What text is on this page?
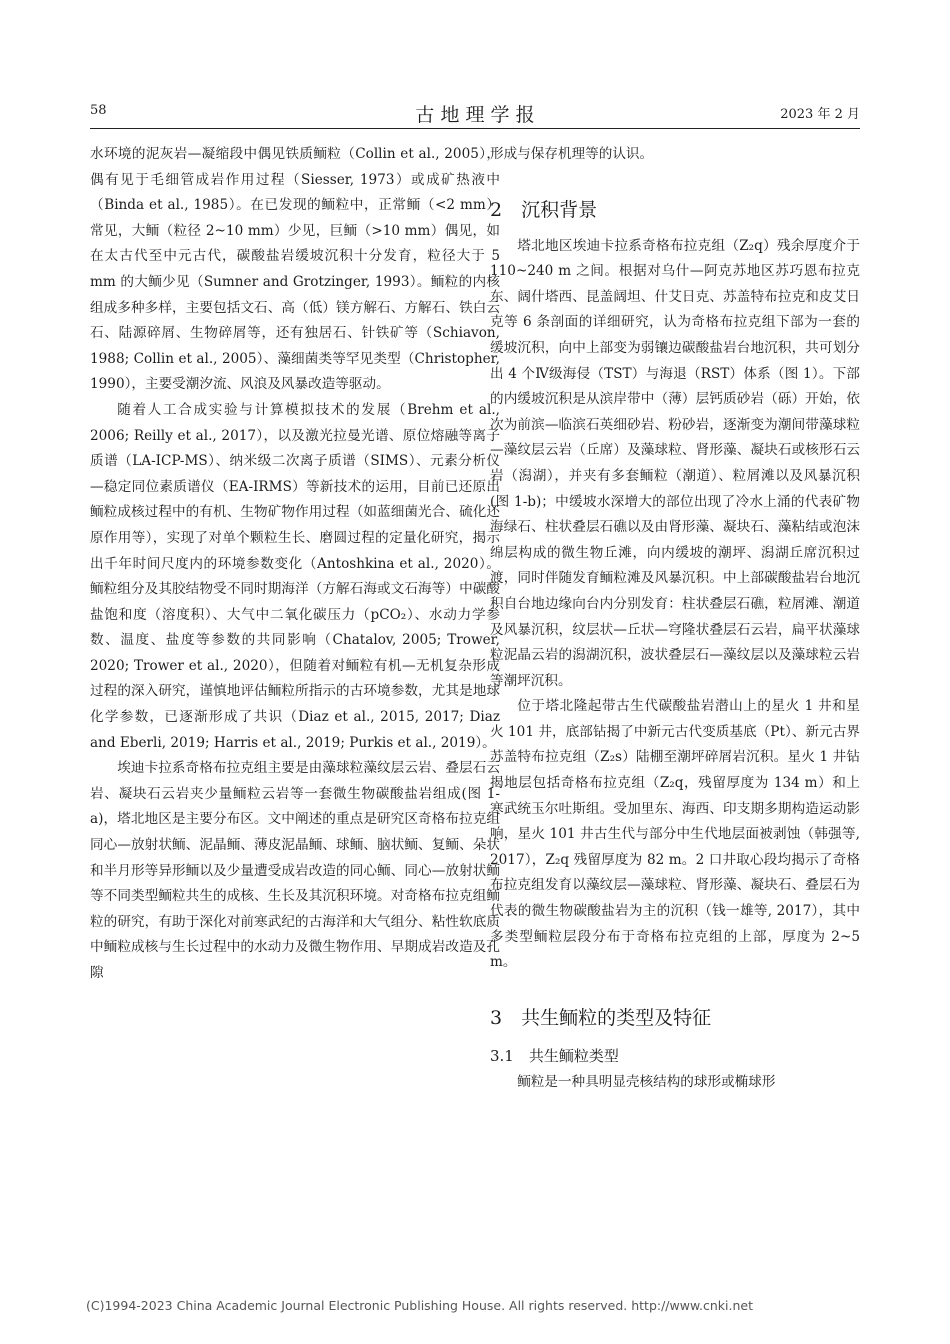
58	古 地 理 学 报	2023 年 2 月

水环境的泥灰岩—凝缩段中偶见铁质鲕粒（Collin et al., 2005），偶有见于毛细管成岩作用过程（Siesser, 1973）或成矿热液中（Binda et al., 1985）。在已发现的鲕粒中，正常鲕（<2 mm）常见，大鲕（粒径 2~10 mm）少见，巨鲕（>10 mm）偶见，如在太古代至中元古代，碳酸盐岩缓坡沉积十分发育，粒径大于 5 mm 的大鲕少见（Sumner and Grotzinger, 1993）。鲕粒的内核组成多种多样，主要包括文石、高（低）镁方解石、方解石、铁白云石、陆源碎屑、生物碎屑等，还有独居石、针铁矿等（Schiavon, 1988; Collin et al., 2005）、藻细菌类等罕见类型（Christopher, 1990），主要受潮汐流、风浪及风暴改造等驱动。

随着人工合成实验与计算模拟技术的发展（Brehm et al., 2006; Reilly et al., 2017），以及激光拉曼光谱、原位熔融等离子质谱（LA-ICP-MS）、纳米级二次离子质谱（SIMS）、元素分析仪—稳定同位素质谱仪（EA-IRMS）等新技术的运用，目前已还原出鲕粒成核过程中的有机、生物矿物作用过程（如蓝细菌光合、硫化还原作用等），实现了对单个颗粒生长、磨圆过程的定量化研究，揭示出千年时间尺度内的环境参数变化（Antoshkina et al., 2020）。鲕粒组分及其胶结物受不同时期海洋（方解石海或文石海等）中碳酸盐饱和度（溶度积）、大气中二氧化碳压力（pCO₂）、水动力学参数、温度、盐度等参数的共同影响（Chatalov, 2005; Trower, 2020; Trower et al., 2020），但随着对鲕粒有机—无机复杂形成过程的深入研究，谨慎地评估鲕粒所指示的古环境参数，尤其是地球化学参数，已逐渐形成了共识（Diaz et al., 2015, 2017; Diaz and Eberli, 2019; Harris et al., 2019; Purkis et al., 2019）。

埃迪卡拉系奇格布拉克组主要是由藻球粒藻纹层云岩、叠层石云岩、凝块石云岩夹少量鲕粒云岩等一套微生物碳酸盐岩组成(图 1-a)，塔北地区是主要分布区。文中阐述的重点是研究区奇格布拉克组同心—放射状鲕、泥晶鲕、薄皮泥晶鲕、球鲕、脑状鲕、复鲕、朵状和半月形等异形鲕以及少量遭受成岩改造的同心鲕、同心—放射状鲕等不同类型鲕粒共生的成核、生长及其沉积环境。对奇格布拉克组鲕粒的研究，有助于深化对前寒武纪的古海洋和大气组分、粘性软底质中鲕粒成核与生长过程中的水动力及微生物作用、早期成岩改造及孔隙

形成与保存机理等的认识。

2　沉积背景

塔北地区埃迪卡拉系奇格布拉克组（Z₂q）残余厚度介于 110~240 m 之间。根据对乌什—阿克苏地区苏巧恩布拉克东、阔什塔西、昆盖阔坦、什艾日克、苏盖特布拉克和皮艾日克等 6 条剖面的详细研究，认为奇格布拉克组下部为一套的缓坡沉积，向中上部变为弱镶边碳酸盐岩台地沉积，共可划分出 4 个Ⅳ级海侵（TST）与海退（RST）体系（图 1）。下部的内缓坡沉积是从滨岸带中（薄）层钙质砂岩（砾）开始，依次为前滨—临滨石英细砂岩、粉砂岩，逐渐变为潮间带藻球粒—藻纹层云岩（丘席）及藻球粒、肾形藻、凝块石或核形石云岩（潟湖），并夹有多套鲕粒（潮道）、粒屑滩以及风暴沉积(图 1-b)；中缓坡水深增大的部位出现了冷水上涌的代表矿物海绿石、柱状叠层石礁以及由肾形藻、凝块石、藻粘结或泡沫绵层构成的微生物丘滩，向内缓坡的潮坪、潟湖丘席沉积过渡，同时伴随发育鲕粒滩及风暴沉积。中上部碳酸盐岩台地沉积自台地边缘向台内分别发育：柱状叠层石礁，粒屑滩、潮道及风暴沉积，纹层状—丘状—穹隆状叠层石云岩，扁平状藻球粒泥晶云岩的潟湖沉积，波状叠层石—藻纹层以及藻球粒云岩等潮坪沉积。

位于塔北隆起带古生代碳酸盐岩潜山上的星火 1 井和星火 101 井，底部钻揭了中新元古代变质基底（Pt）、新元古界苏盖特布拉克组（Z₂s）陆棚至潮坪碎屑岩沉积。星火 1 井钻揭地层包括奇格布拉克组（Z₂q，残留厚度为 134 m）和上寒武统玉尔吐斯组。受加里东、海西、印支期多期构造运动影响，星火 101 井古生代与部分中生代地层面被剥蚀（韩强等, 2017），Z₂q 残留厚度为 82 m。2 口井取心段均揭示了奇格布拉克组发育以藻纹层—藻球粒、肾形藻、凝块石、叠层石为代表的微生物碳酸盐岩为主的沉积（钱一雄等, 2017），其中多类型鲕粒层段分布于奇格布拉克组的上部，厚度为 2~5 m。

3　共生鲕粒的类型及特征
3.1　共生鲕粒类型

鲕粒是一种具明显壳核结构的球形或椭球形

(C)1994-2023 China Academic Journal Electronic Publishing House. All rights reserved. http://www.cnki.net
